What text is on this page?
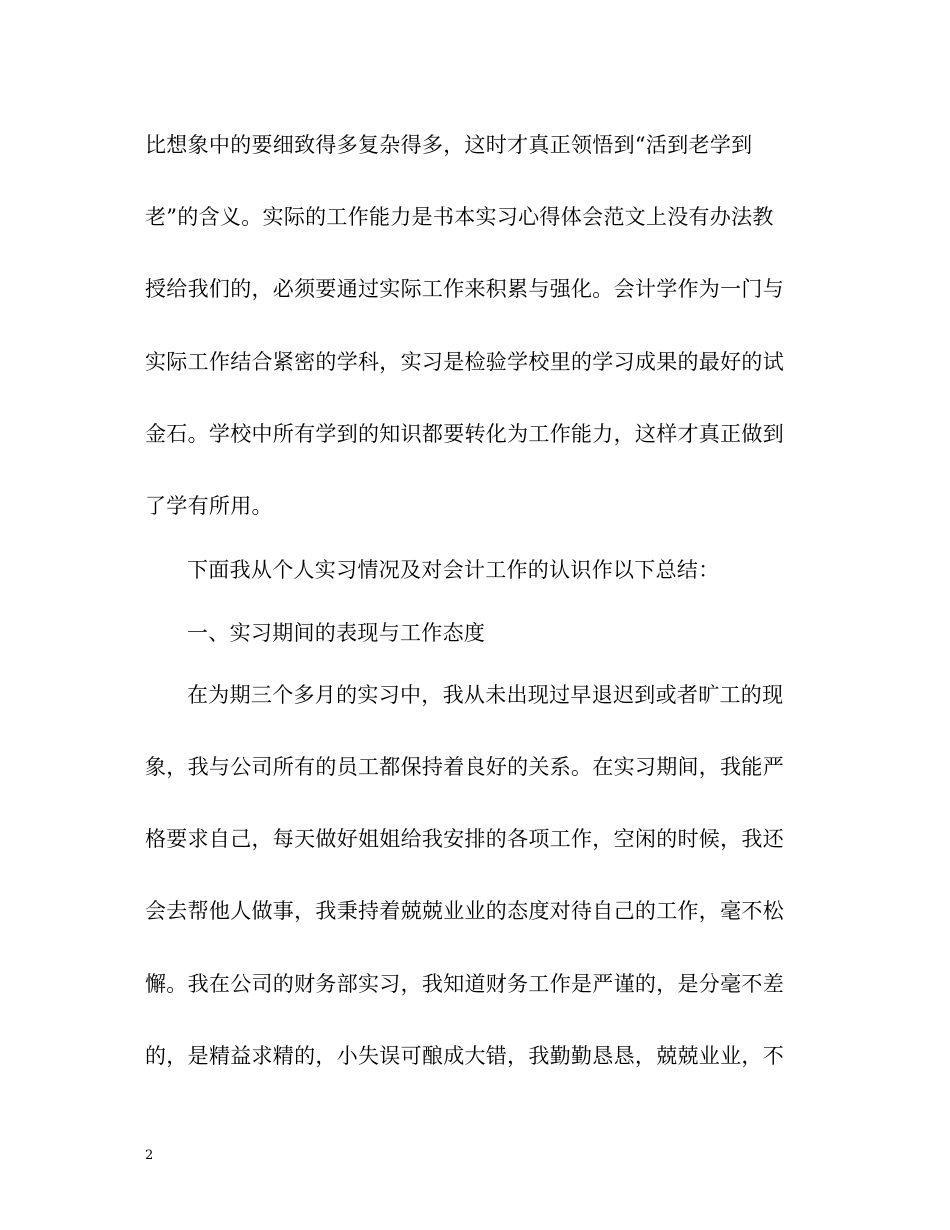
比想象中的要细致得多复杂得多，这时才真正领悟到“活到老学到
老”的含义。实际的工作能力是书本实习心得体会范文上没有办法教
授给我们的，必须要通过实际工作来积累与强化。会计学作为一门与
实际工作结合紧密的学科，实习是检验学校里的学习成果的最好的试
金石。学校中所有学到的知识都要转化为工作能力，这样才真正做到
了学有所用。
下面我从个人实习情况及对会计工作的认识作以下总结：
一、实习期间的表现与工作态度
在为期三个多月的实习中，我从未出现过早退迟到或者旷工的现
象，我与公司所有的员工都保持着良好的关系。在实习期间，我能严
格要求自己，每天做好姐姐给我安排的各项工作，空闲的时候，我还
会去帮他人做事，我秉持着兢兢业业的态度对待自己的工作，毫不松
懈。我在公司的财务部实习，我知道财务工作是严谨的，是分毫不差
的，是精益求精的，小失误可酿成大错，我勤勤恳恳，兢兢业业，不
2
